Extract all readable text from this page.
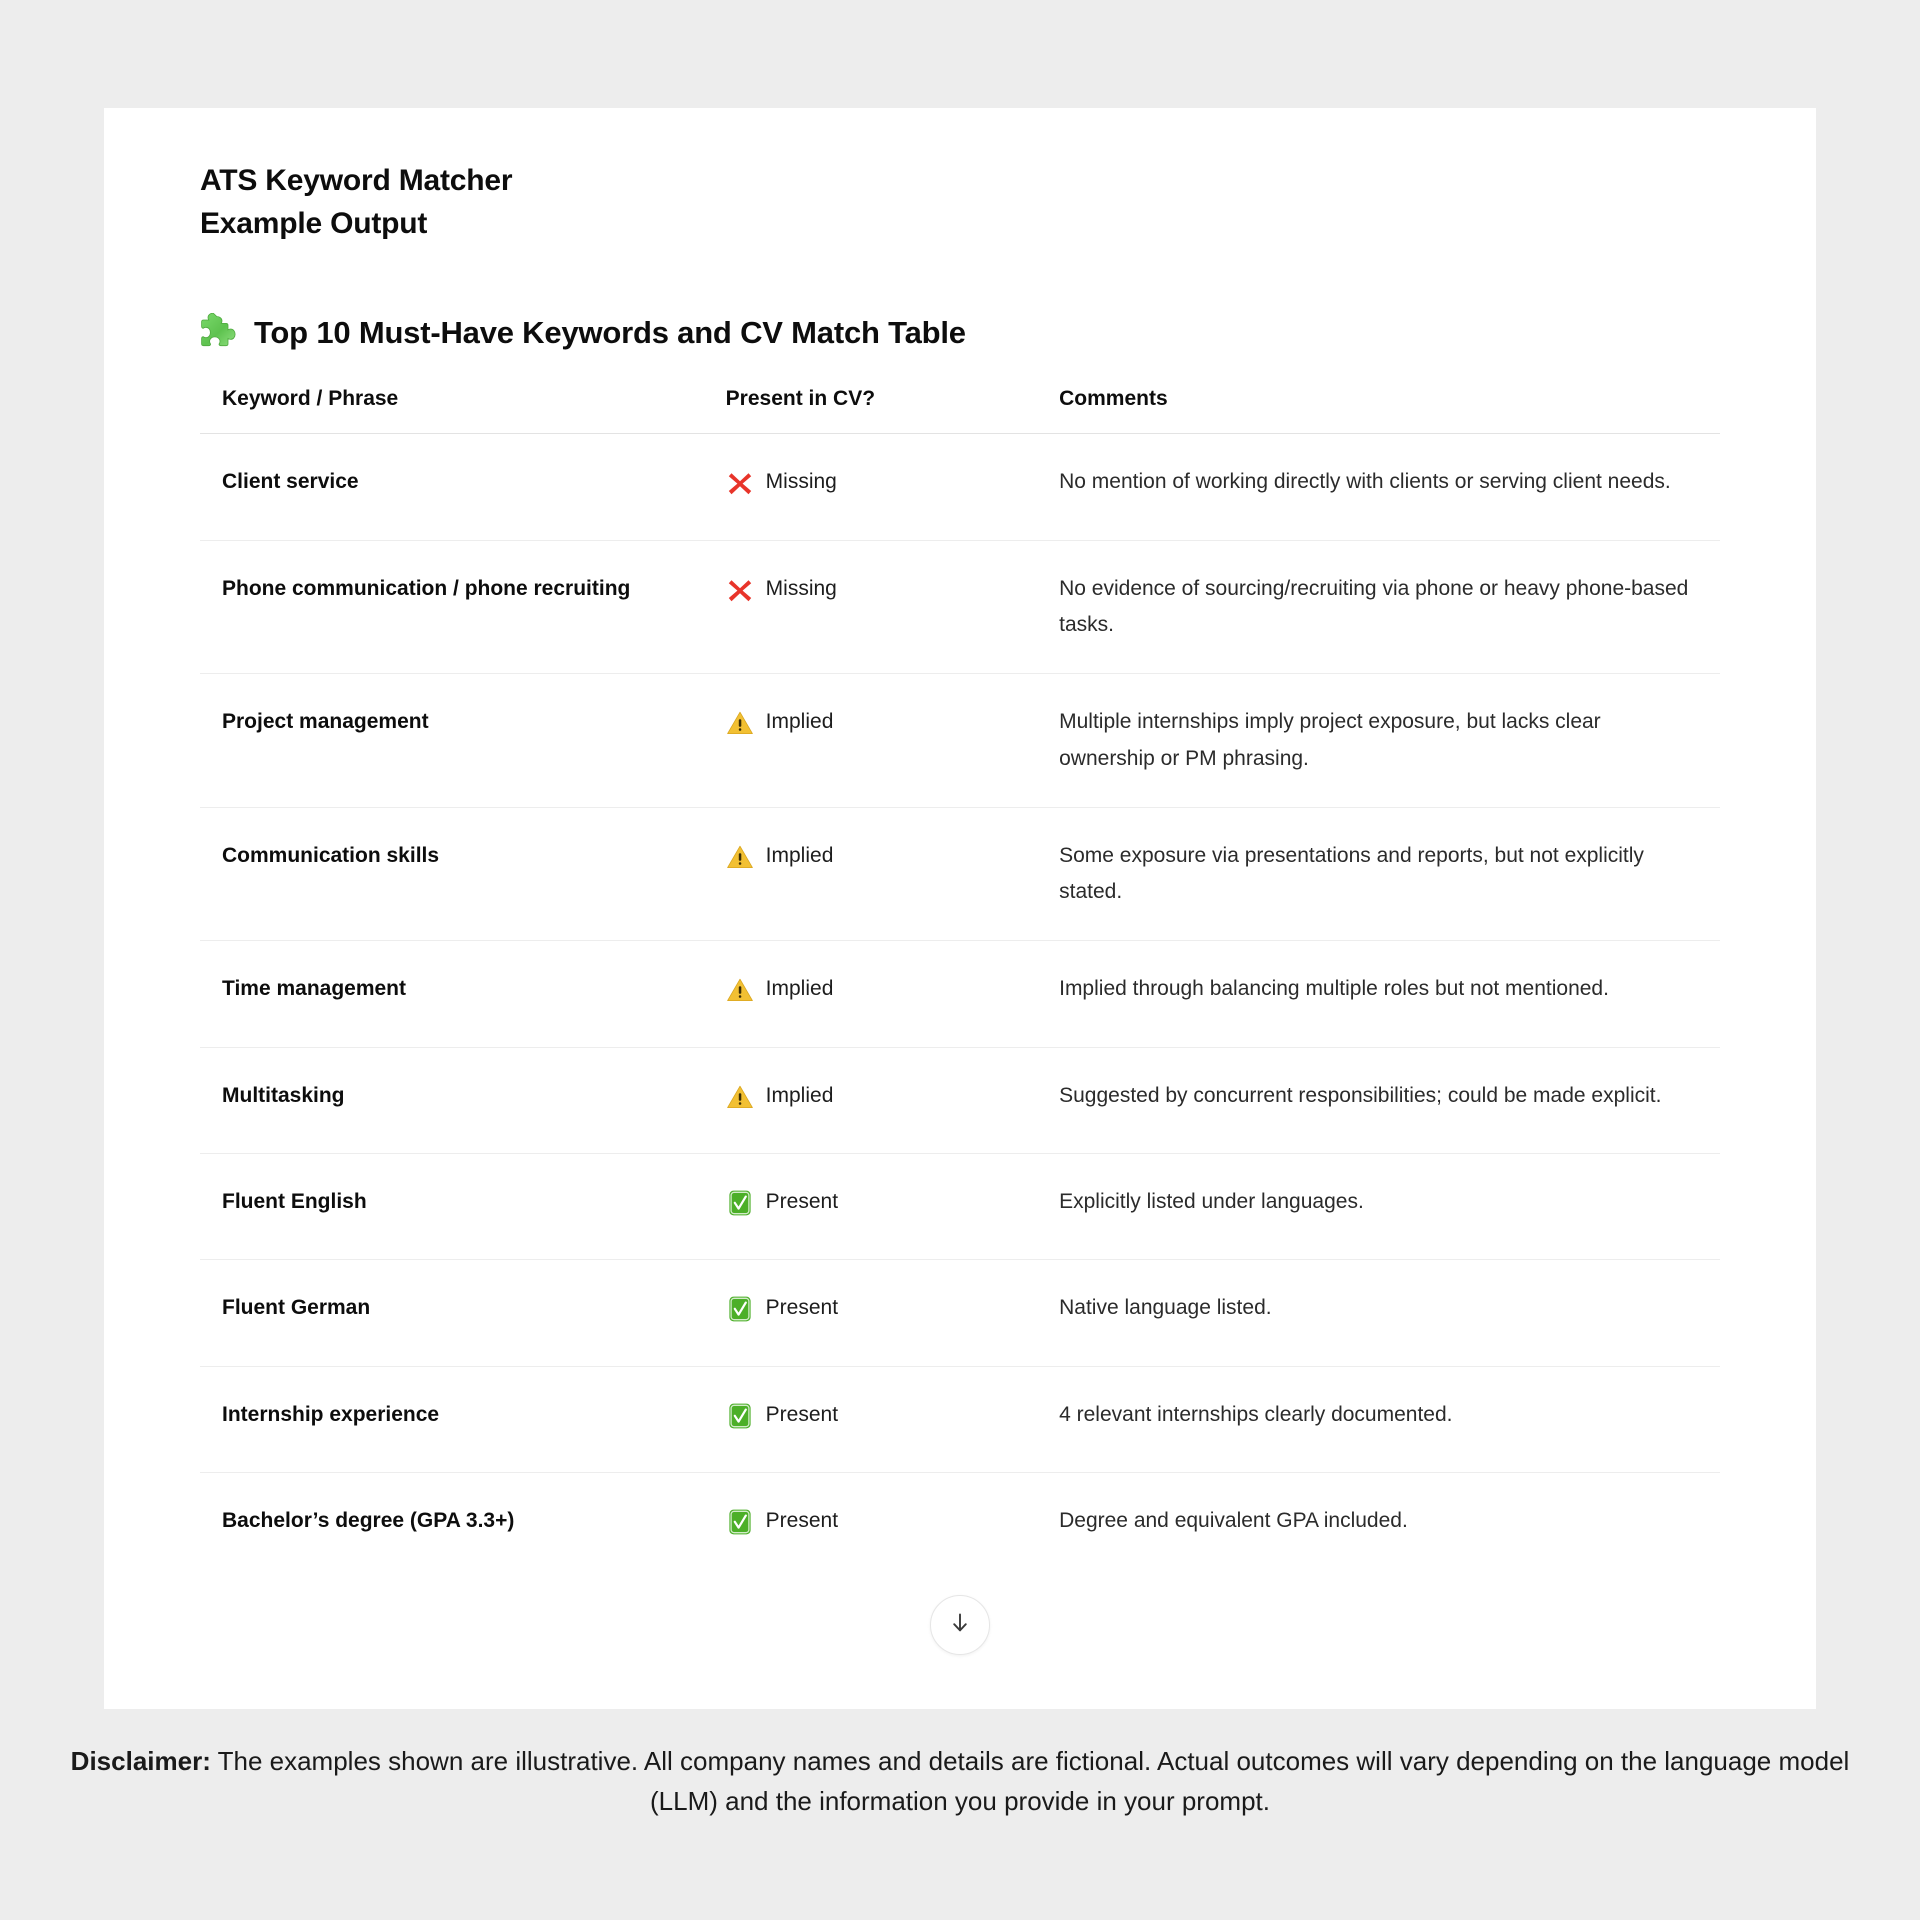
ATS Keyword Matcher
Example Output
Top 10 Must-Have Keywords and CV Match Table
Keyword / Phrase	Present in CV?	Comments
Client service	Missing	No mention of working directly with clients or serving client needs.
Phone communication / phone recruiting	Missing	No evidence of sourcing/recruiting via phone or heavy phone-based tasks.
Project management	Implied	Multiple internships imply project exposure, but lacks clear ownership or PM phrasing.
Communication skills	Implied	Some exposure via presentations and reports, but not explicitly stated.
Time management	Implied	Implied through balancing multiple roles but not mentioned.
Multitasking	Implied	Suggested by concurrent responsibilities; could be made explicit.
Fluent English	Present	Explicitly listed under languages.
Fluent German	Present	Native language listed.
Internship experience	Present	4 relevant internships clearly documented.
Bachelor’s degree (GPA 3.3+)	Present	Degree and equivalent GPA included.
Disclaimer: The examples shown are illustrative. All company names and details are fictional. Actual outcomes will vary depending on the language model (LLM) and the information you provide in your prompt.
